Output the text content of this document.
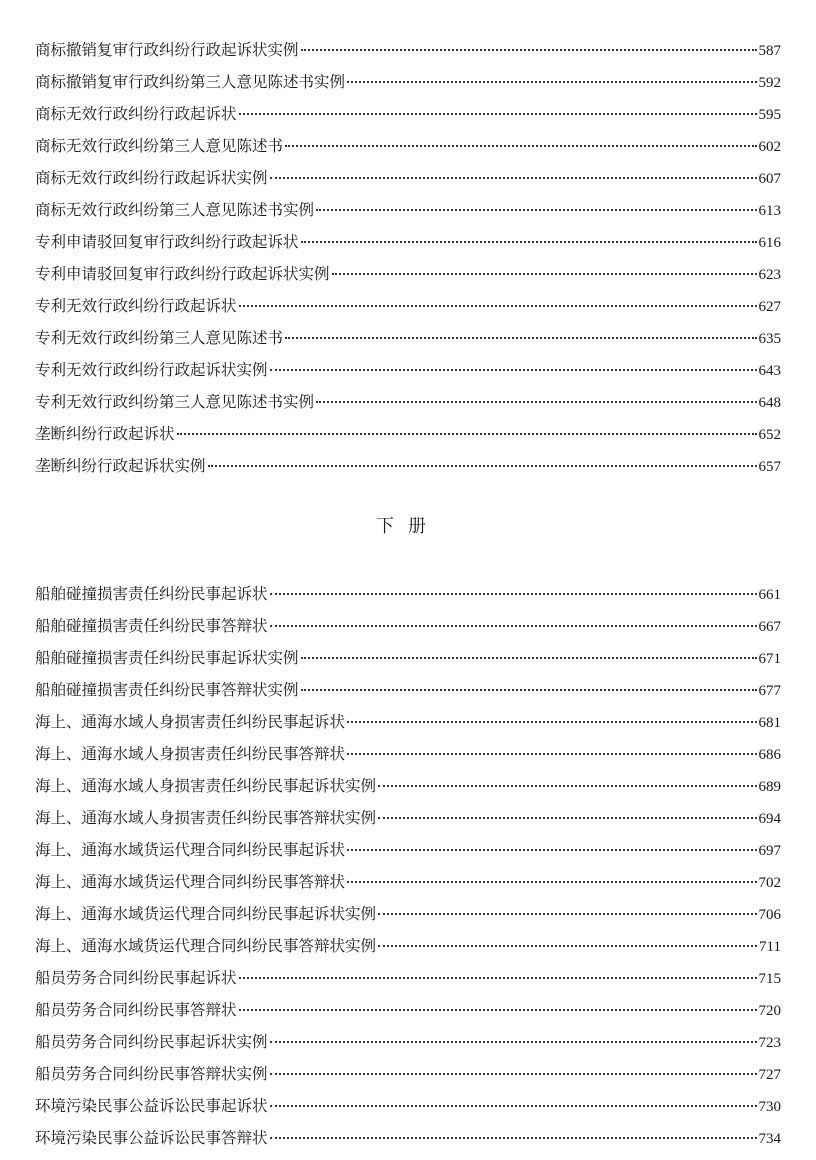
商标撤销复审行政纠纷行政起诉状实例	587
商标撤销复审行政纠纷第三人意见陈述书实例	592
商标无效行政纠纷行政起诉状	595
商标无效行政纠纷第三人意见陈述书	602
商标无效行政纠纷行政起诉状实例	607
商标无效行政纠纷第三人意见陈述书实例	613
专利申请驳回复审行政纠纷行政起诉状	616
专利申请驳回复审行政纠纷行政起诉状实例	623
专利无效行政纠纷行政起诉状	627
专利无效行政纠纷第三人意见陈述书	635
专利无效行政纠纷行政起诉状实例	643
专利无效行政纠纷第三人意见陈述书实例	648
垄断纠纷行政起诉状	652
垄断纠纷行政起诉状实例	657
下册
船舶碰撞损害责任纠纷民事起诉状	661
船舶碰撞损害责任纠纷民事答辩状	667
船舶碰撞损害责任纠纷民事起诉状实例	671
船舶碰撞损害责任纠纷民事答辩状实例	677
海上、通海水域人身损害责任纠纷民事起诉状	681
海上、通海水域人身损害责任纠纷民事答辩状	686
海上、通海水域人身损害责任纠纷民事起诉状实例	689
海上、通海水域人身损害责任纠纷民事答辩状实例	694
海上、通海水域货运代理合同纠纷民事起诉状	697
海上、通海水域货运代理合同纠纷民事答辩状	702
海上、通海水域货运代理合同纠纷民事起诉状实例	706
海上、通海水域货运代理合同纠纷民事答辩状实例	711
船员劳务合同纠纷民事起诉状	715
船员劳务合同纠纷民事答辩状	720
船员劳务合同纠纷民事起诉状实例	723
船员劳务合同纠纷民事答辩状实例	727
环境污染民事公益诉讼民事起诉状	730
环境污染民事公益诉讼民事答辩状	734
